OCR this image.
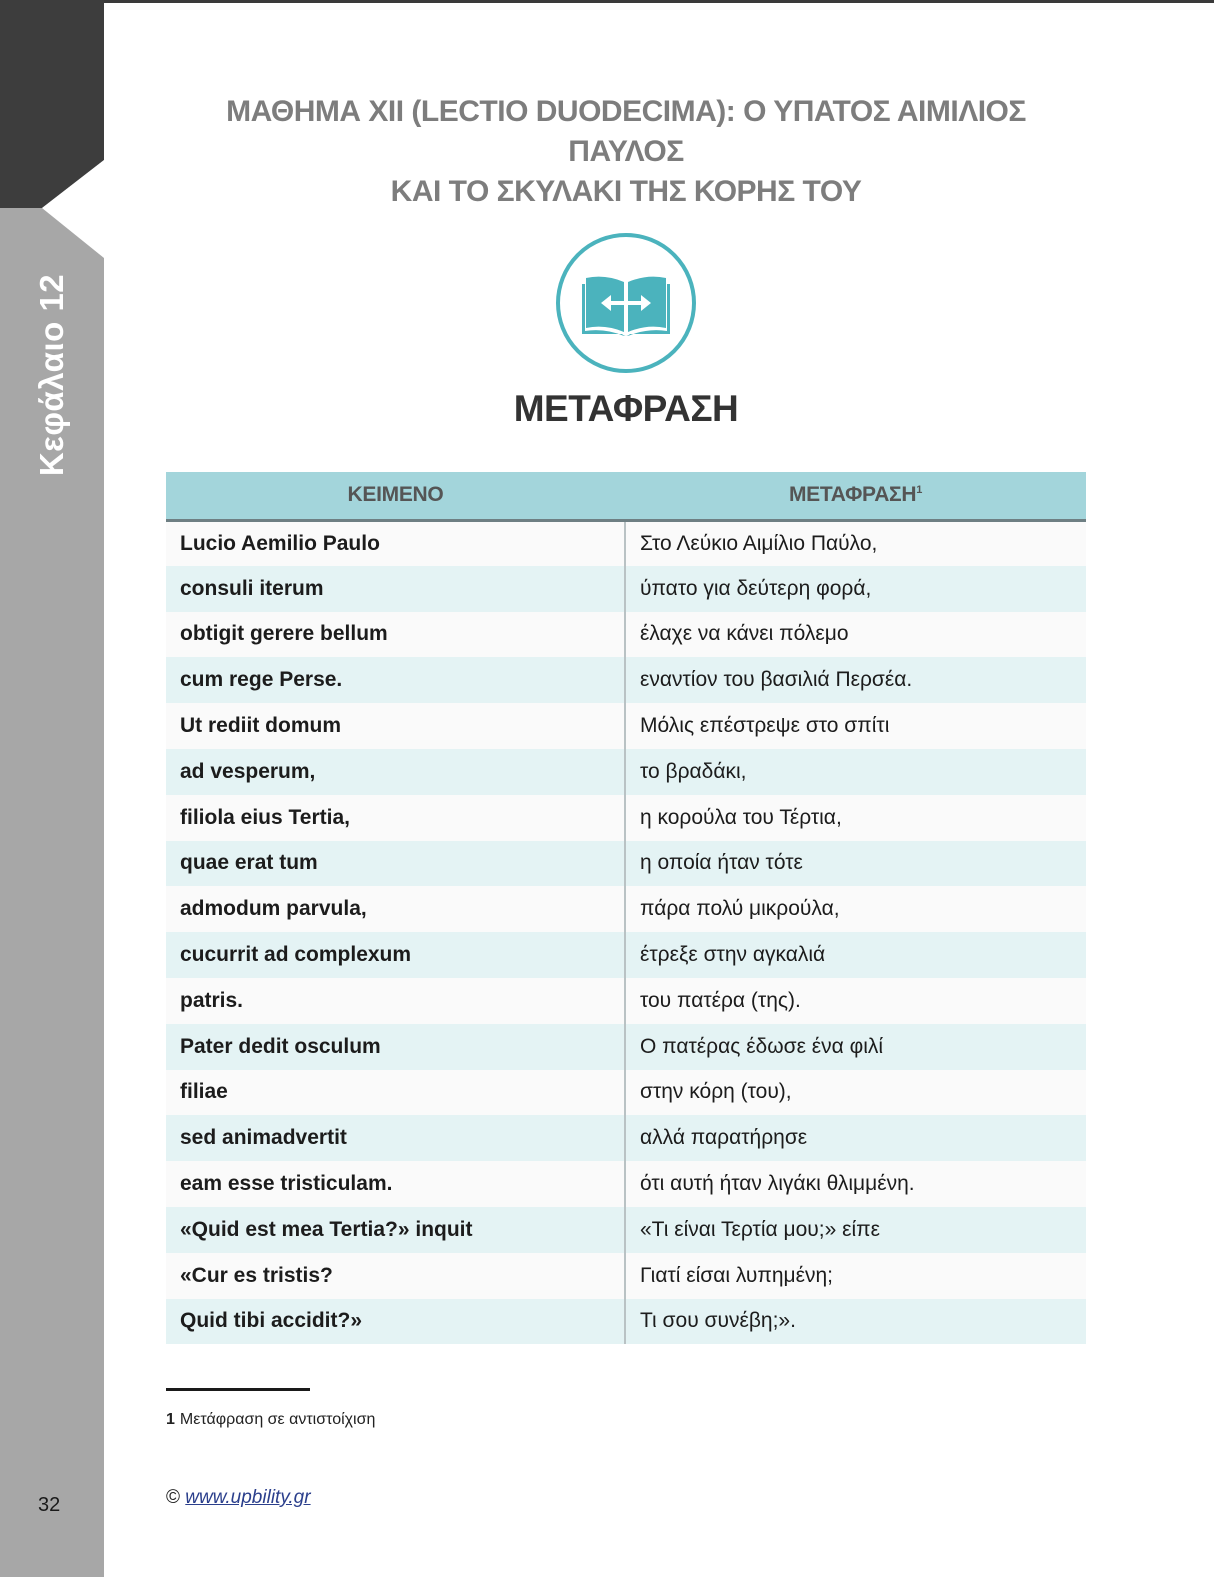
Κεφάλαιο 12
32
ΜΑΘΗΜΑ XII (LECTIO DUODECIMA): Ο ΥΠΑΤΟΣ ΑΙΜΙΛΙΟΣ ΠΑΥΛΟΣ
ΚΑΙ ΤΟ ΣΚΥΛΑΚΙ ΤΗΣ ΚΟΡΗΣ ΤΟΥ
ΜΕΤΑΦΡΑΣΗ
ΚΕΙΜΕΝΟ	ΜΕΤΑΦΡΑΣΗ$^1$
Lucio Aemilio Paulo	Στο Λεύκιο Αιμίλιο Παύλο,
consuli iterum	ύπατο για δεύτερη φορά,
obtigit gerere bellum	έλαχε να κάνει πόλεμο
cum rege Perse.	εναντίον του βασιλιά Περσέα.
Ut rediit domum	Μόλις επέστρεψε στο σπίτι
ad vesperum,	το βραδάκι,
filiola eius Tertia,	η κορούλα του Τέρτια,
quae erat tum	η οποία ήταν τότε
admodum parvula,	πάρα πολύ μικρούλα,
cucurrit ad complexum	έτρεξε στην αγκαλιά
patris.	του πατέρα (της).
Pater dedit osculum	Ο πατέρας έδωσε ένα φιλί
filiae	στην κόρη (του),
sed animadvertit	αλλά παρατήρησε
eam esse tristiculam.	ότι αυτή ήταν λιγάκι θλιμμένη.
«Quid est mea Tertia?» inquit	«Τι είναι Τερτία μου;» είπε
«Cur es tristis?	Γιατί είσαι λυπημένη;
Quid tibi accidit?»	Τι σου συνέβη;».
1 Μετάφραση σε αντιστοίχιση
© www.upbility.gr
